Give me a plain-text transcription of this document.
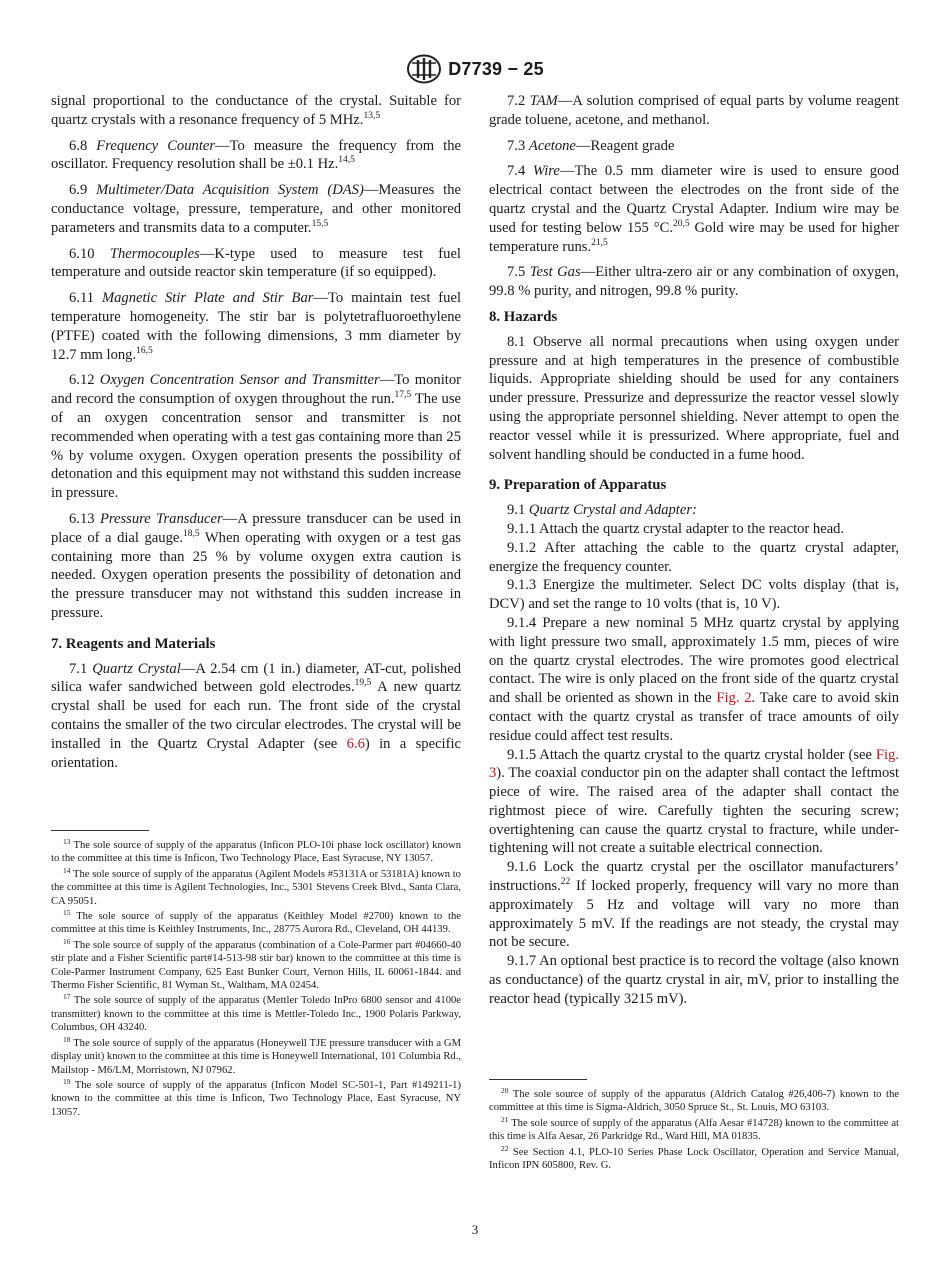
D7739 − 25

signal proportional to the conductance of the crystal. Suitable for quartz crystals with a resonance frequency of 5 MHz.$^{13,5}$

6.8 Frequency Counter—To measure the frequency from the oscillator. Frequency resolution shall be ±0.1 Hz.$^{14,5}$

6.9 Multimeter/Data Acquisition System (DAS)—Measures the conductance voltage, pressure, temperature, and other monitored parameters and transmits data to a computer.$^{15,5}$

6.10 Thermocouples—K-type used to measure test fuel temperature and outside reactor skin temperature (if so equipped).

6.11 Magnetic Stir Plate and Stir Bar—To maintain test fuel temperature homogeneity. The stir bar is polytetrafluoroethylene (PTFE) coated with the following dimensions, 3 mm diameter by 12.7 mm long.$^{16,5}$

6.12 Oxygen Concentration Sensor and Transmitter—To monitor and record the consumption of oxygen throughout the run.$^{17,5}$ The use of an oxygen concentration sensor and transmitter is not recommended when operating with a test gas containing more than 25 % by volume oxygen. Oxygen operation presents the possibility of detonation and this equipment may not withstand this sudden increase in pressure.

6.13 Pressure Transducer—A pressure transducer can be used in place of a dial gauge.$^{18,5}$ When operating with oxygen or a test gas containing more than 25 % by volume oxygen extra caution is needed. Oxygen operation presents the possibility of detonation and the pressure transducer may not withstand this sudden increase in pressure.

7. Reagents and Materials

7.1 Quartz Crystal—A 2.54 cm (1 in.) diameter, AT-cut, polished silica wafer sandwiched between gold electrodes.$^{19,5}$ A new quartz crystal shall be used for each run. The front side of the crystal contains the smaller of the two circular electrodes. The crystal will be installed in the Quartz Crystal Adapter (see 6.6) in a specific orientation.

$^{13}$ The sole source of supply of the apparatus (Inficon PLO-10i phase lock oscillator) known to the committee at this time is Inficon, Two Technology Place, East Syracuse, NY 13057.

$^{14}$ The sole source of supply of the apparatus (Agilent Models #53131A or 53181A) known to the committee at this time is Agilent Technologies, Inc., 5301 Stevens Creek Blvd., Santa Clara, CA 95051.

$^{15}$ The sole source of supply of the apparatus (Keithley Model #2700) known to the committee at this time is Keithley Instruments, Inc., 28775 Aurora Rd., Cleveland, OH 44139.

$^{16}$ The sole source of supply of the apparatus (combination of a Cole-Parmer part #04660-40 stir plate and a Fisher Scientific part#14-513-98 stir bar) known to the committee at this time is Cole-Parmer Instrument Company, 625 East Bunker Court, Vernon Hills, IL 60061-1844. and Thermo Fisher Scientific, 81 Wyman St., Waltham, MA 02454.

$^{17}$ The sole source of supply of the apparatus (Mettler Toledo InPro 6800 sensor and 4100e transmitter) known to the committee at this time is Mettler-Toledo Inc., 1900 Polaris Parkway, Columbus, OH 43240.

$^{18}$ The sole source of supply of the apparatus (Honeywell TJE pressure transducer with a GM display unit) known to the committee at this time is Honeywell International, 101 Columbia Rd., Mailstop - M6/LM, Morristown, NJ 07962.

$^{19}$ The sole source of supply of the apparatus (Inficon Model SC-501-1, Part #149211-1) known to the committee at this time is Inficon, Two Technology Place, East Syracuse, NY 13057.

7.2 TAM—A solution comprised of equal parts by volume reagent grade toluene, acetone, and methanol.

7.3 Acetone—Reagent grade

7.4 Wire—The 0.5 mm diameter wire is used to ensure good electrical contact between the electrodes on the front side of the quartz crystal and the Quartz Crystal Adapter. Indium wire may be used for testing below 155 °C.$^{20,5}$ Gold wire may be used for higher temperature runs.$^{21,5}$

7.5 Test Gas—Either ultra-zero air or any combination of oxygen, 99.8 % purity, and nitrogen, 99.8 % purity.

8. Hazards

8.1 Observe all normal precautions when using oxygen under pressure and at high temperatures in the presence of combustible liquids. Appropriate shielding should be used for any containers under pressure. Pressurize and depressurize the reactor vessel slowly using the appropriate personnel shielding. Never attempt to open the reactor vessel while it is pressurized. Where appropriate, fuel and solvent handling should be conducted in a fume hood.

9. Preparation of Apparatus

9.1 Quartz Crystal and Adapter:

9.1.1 Attach the quartz crystal adapter to the reactor head.

9.1.2 After attaching the cable to the quartz crystal adapter, energize the frequency counter.

9.1.3 Energize the multimeter. Select DC volts display (that is, DCV) and set the range to 10 volts (that is, 10 V).

9.1.4 Prepare a new nominal 5 MHz quartz crystal by applying with light pressure two small, approximately 1.5 mm, pieces of wire on the quartz crystal electrodes. The wire promotes good electrical contact. The wire is only placed on the front side of the quartz crystal and shall be oriented as shown in the Fig. 2. Take care to avoid skin contact with the quartz crystal as transfer of trace amounts of oily residue could affect test results.

9.1.5 Attach the quartz crystal to the quartz crystal holder (see Fig. 3). The coaxial conductor pin on the adapter shall contact the leftmost piece of wire. The raised area of the adapter shall contact the rightmost piece of wire. Carefully tighten the securing screw; overtightening can cause the quartz crystal to fracture, while under-tightening will not create a suitable electrical connection.

9.1.6 Lock the quartz crystal per the oscillator manufacturers’ instructions.$^{22}$ If locked properly, frequency will vary no more than approximately 5 Hz and voltage will vary no more than approximately 5 mV. If the readings are not steady, the crystal may not be secure.

9.1.7 An optional best practice is to record the voltage (also known as conductance) of the quartz crystal in air, mV, prior to installing the reactor head (typically 3215 mV).

$^{20}$ The sole source of supply of the apparatus (Aldrich Catalog #26,406-7) known to the committee at this time is Sigma-Aldrich, 3050 Spruce St., St. Louis, MO 63103.

$^{21}$ The sole source of supply of the apparatus (Alfa Aesar #14728) known to the committee at this time is Alfa Aesar, 26 Parkridge Rd., Ward Hill, MA 01835.

$^{22}$ See Section 4.1, PLO-10 Series Phase Lock Oscillator, Operation and Service Manual, Inficon IPN 605800, Rev. G.

3
